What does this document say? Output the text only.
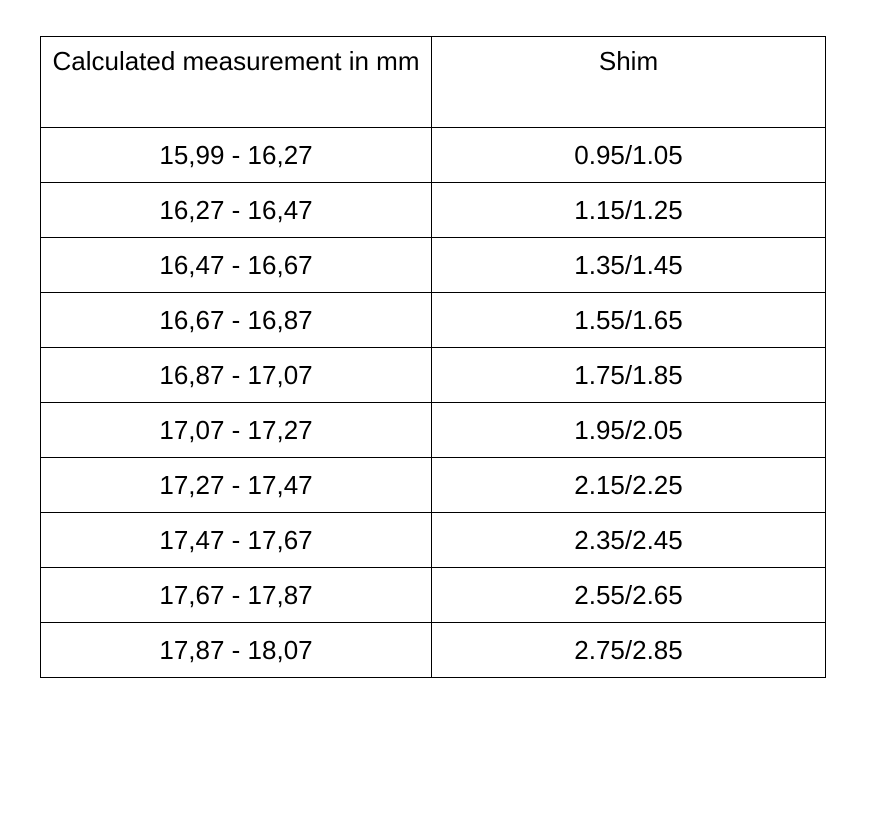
Calculated measurement in mm	Shim
15,99 - 16,27	0.95/1.05
16,27 - 16,47	1.15/1.25
16,47 - 16,67	1.35/1.45
16,67 - 16,87	1.55/1.65
16,87 - 17,07	1.75/1.85
17,07 - 17,27	1.95/2.05
17,27 - 17,47	2.15/2.25
17,47 - 17,67	2.35/2.45
17,67 - 17,87	2.55/2.65
17,87 - 18,07	2.75/2.85
